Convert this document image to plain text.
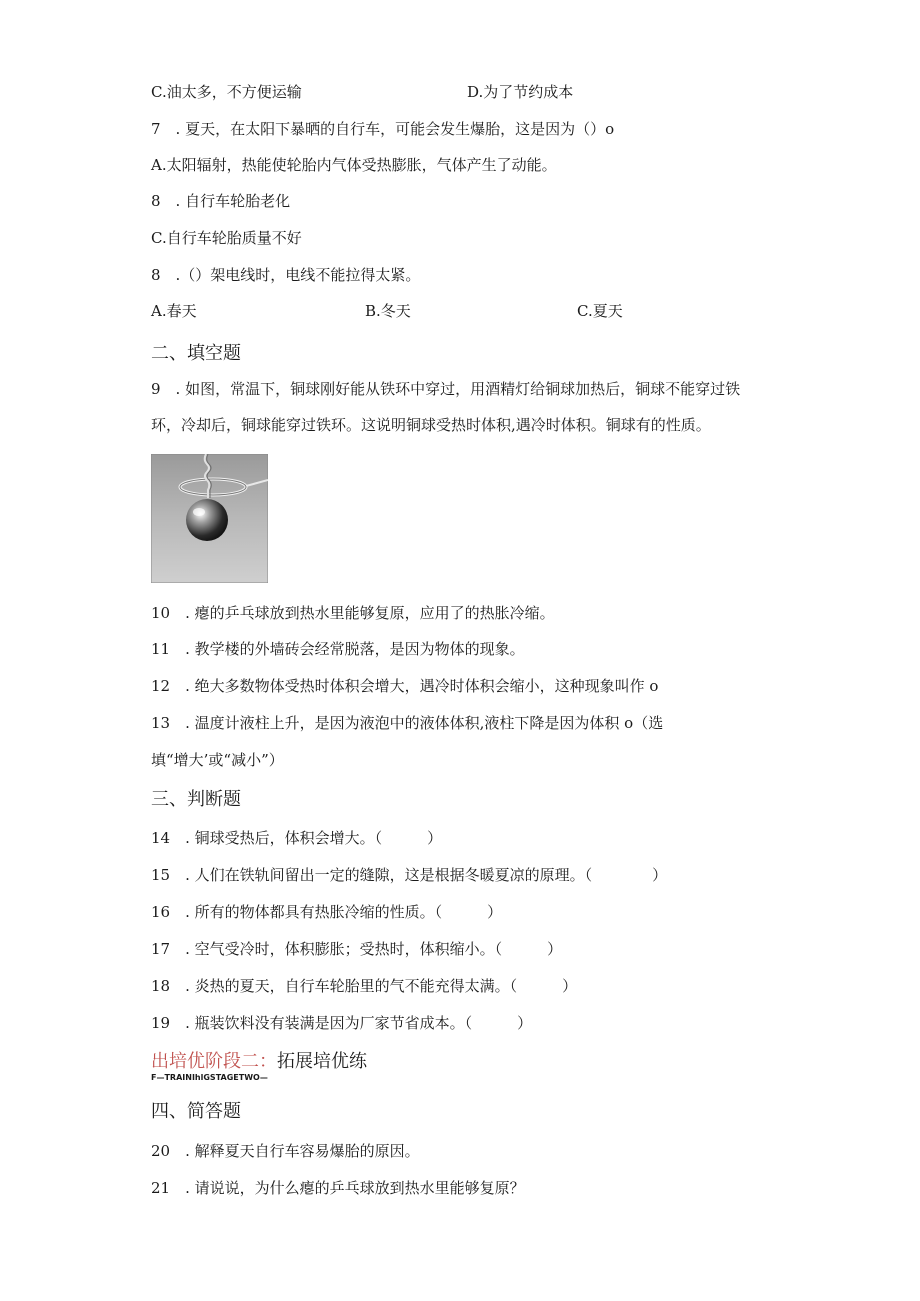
C.油太多，不方便运输	D.为了节约成本
7　. 夏天，在太阳下暴晒的自行车，可能会发生爆胎，这是因为（）o
A.太阳辐射，热能使轮胎内气体受热膨胀，气体产生了动能。
8　. 自行车轮胎老化
C.自行车轮胎质量不好
8　.（）架电线时，电线不能拉得太紧。
A.春天	B.冬天	C.夏天
二、填空题
9　. 如图，常温下，铜球刚好能从铁环中穿过，用酒精灯给铜球加热后，铜球不能穿过铁
环，冷却后，铜球能穿过铁环。这说明铜球受热时体积,遇冷时体积。铜球有的性质。
10　. 瘪的乒乓球放到热水里能够复原，应用了的热胀冷缩。
11　. 教学楼的外墙砖会经常脱落，是因为物体的现象。
12　. 绝大多数物体受热时体积会增大，遇冷时体积会缩小，这种现象叫作 o
13　. 温度计液柱上升，是因为液泡中的液体体积,液柱下降是因为体积 o（选
填“增大’或“减小”）
三、判断题
14　. 铜球受热后，体积会增大。（　　　）
15　. 人们在铁轨间留出一定的缝隙，这是根据冬暖夏凉的原理。（　　　　）
16　. 所有的物体都具有热胀冷缩的性质。（　　　）
17　. 空气受冷时，体积膨胀；受热时，体积缩小。（　　　）
18　. 炎热的夏天，自行车轮胎里的气不能充得太满。（　　　）
19　. 瓶装饮料没有装满是因为厂家节省成本。（　　　）
出培优阶段二：拓展培优练
F—TRAINIhlGSTAGETWO—
四、简答题
20　. 解释夏天自行车容易爆胎的原因。
21　. 请说说，为什么瘪的乒乓球放到热水里能够复原？
